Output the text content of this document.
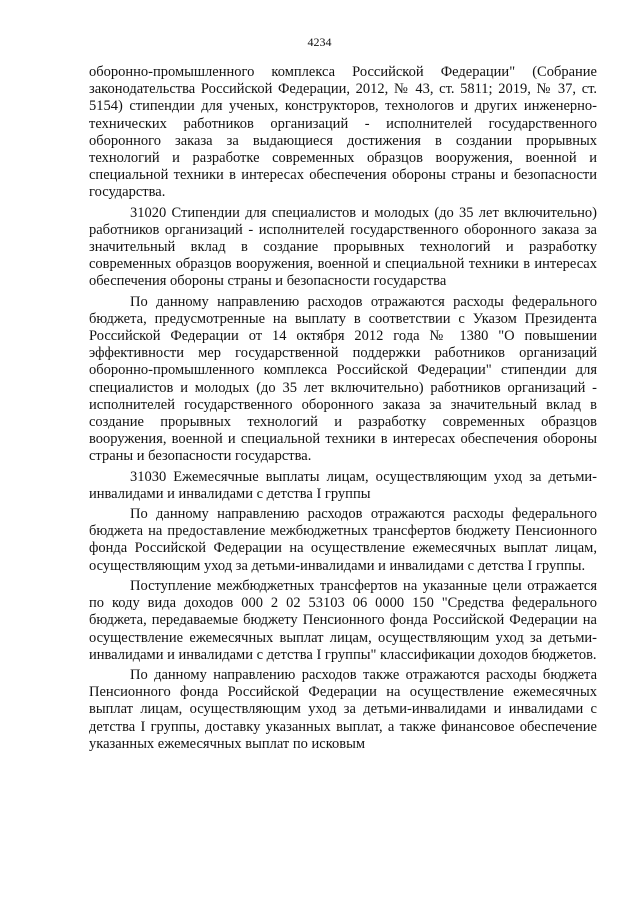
4234

оборонно-промышленного комплекса Российской Федерации" (Собрание законодательства Российской Федерации, 2012, № 43, ст. 5811; 2019, № 37, ст. 5154) стипендии для ученых, конструкторов, технологов и других инженерно-технических работников организаций - исполнителей государственного оборонного заказа за выдающиеся достижения в создании прорывных технологий и разработке современных образцов вооружения, военной и специальной техники в интересах обеспечения обороны страны и безопасности государства.

31020 Стипендии для специалистов и молодых (до 35 лет включительно) работников организаций - исполнителей государственного оборонного заказа за значительный вклад в создание прорывных технологий и разработку современных образцов вооружения, военной и специальной техники в интересах обеспечения обороны страны и безопасности государства

По данному направлению расходов отражаются расходы федерального бюджета, предусмотренные на выплату в соответствии с Указом Президента Российской Федерации от 14 октября 2012 года № 1380 "О повышении эффективности мер государственной поддержки работников организаций оборонно-промышленного комплекса Российской Федерации" стипендии для специалистов и молодых (до 35 лет включительно) работников организаций - исполнителей государственного оборонного заказа за значительный вклад в создание прорывных технологий и разработку современных образцов вооружения, военной и специальной техники в интересах обеспечения обороны страны и безопасности государства.

31030 Ежемесячные выплаты лицам, осуществляющим уход за детьми-инвалидами и инвалидами с детства I группы

По данному направлению расходов отражаются расходы федерального бюджета на предоставление межбюджетных трансфертов бюджету Пенсионного фонда Российской Федерации на осуществление ежемесячных выплат лицам, осуществляющим уход за детьми-инвалидами и инвалидами с детства I группы.

Поступление межбюджетных трансфертов на указанные цели отражается по коду вида доходов 000 2 02 53103 06 0000 150 "Средства федерального бюджета, передаваемые бюджету Пенсионного фонда Российской Федерации на осуществление ежемесячных выплат лицам, осуществляющим уход за детьми-инвалидами и инвалидами с детства I группы" классификации доходов бюджетов.

По данному направлению расходов также отражаются расходы бюджета Пенсионного фонда Российской Федерации на осуществление ежемесячных выплат лицам, осуществляющим уход за детьми-инвалидами и инвалидами с детства I группы, доставку указанных выплат, а также финансовое обеспечение указанных ежемесячных выплат по исковым
